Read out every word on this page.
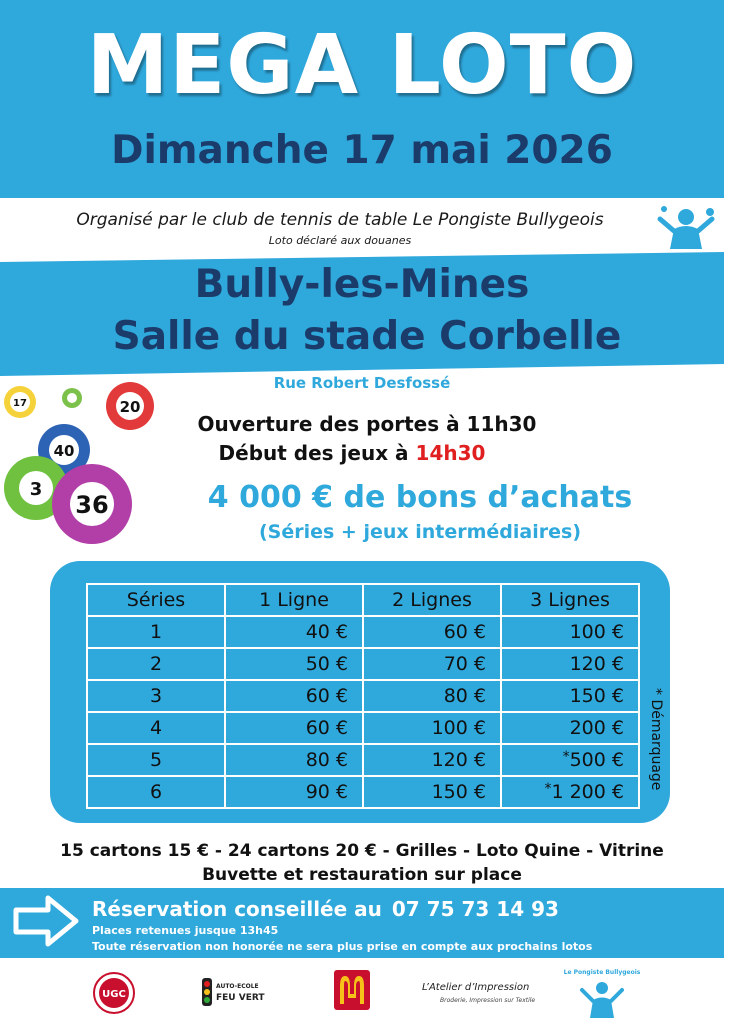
MEGA LOTO
Dimanche 17 mai 2026
Organisé par le club de tennis de table Le Pongiste Bullygeois
Loto déclaré aux douanes
Bully-les-Mines
Salle du stade Corbelle
Rue Robert Desfossé
17	20
40
3
36
Ouverture des portes à 11h30
Début des jeux à 14h30
4 000 € de bons d’achats
(Séries + jeux intermédiaires)
Séries	1 Ligne	2 Lignes	3 Lignes
1	40 €	60 €	100 €
2	50 €	70 €	120 €
3	60 €	80 €	150 €
4	60 €	100 €	200 €
5	80 €	120 €	*500 €
6	90 €	150 €	*1 200 €
* Démarquage
15 cartons 15 € - 24 cartons 20 € - Grilles - Loto Quine - Vitrine
Buvette et restauration sur place
Réservation conseillée au 07 75 73 14 93
Places retenues jusque 13h45
Toute réservation non honorée ne sera plus prise en compte aux prochains lotos
UGC
AUTO-ECOLE
FEU VERT
L’Atelier d’Impression
Broderie, Impression sur Textile
Le Pongiste Bullygeois
